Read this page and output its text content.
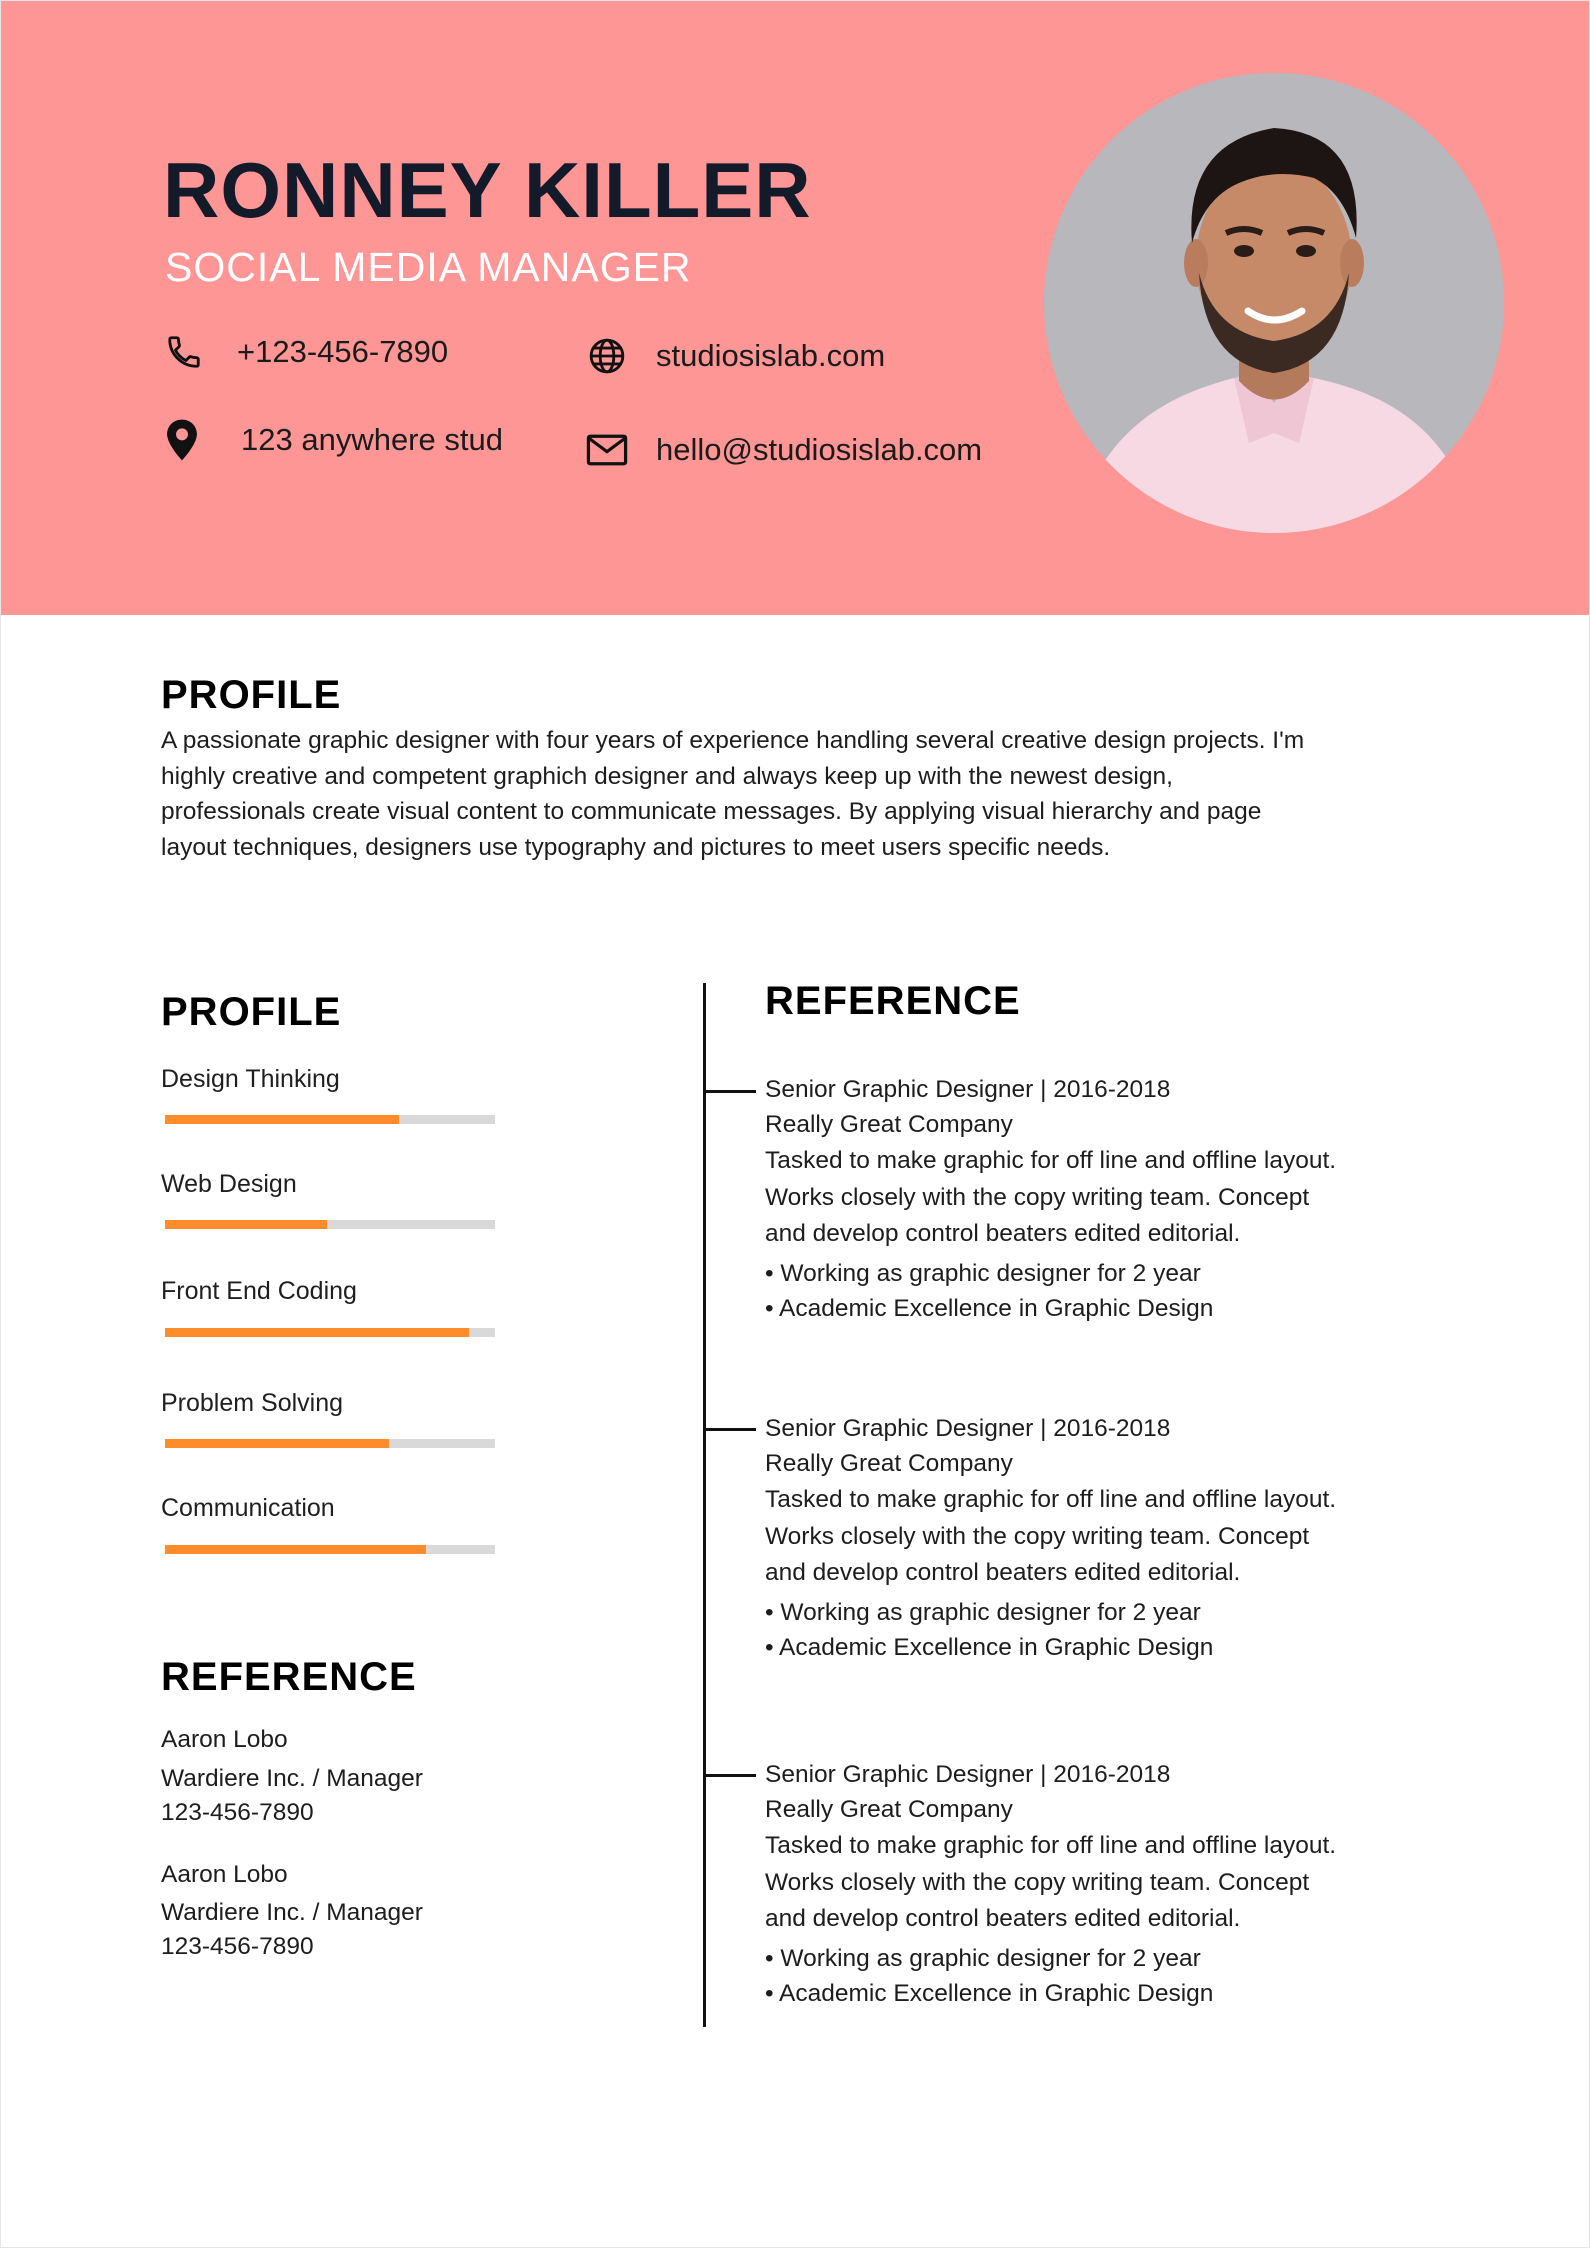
RONNEY KILLER
SOCIAL MEDIA MANAGER
+123-456-7890
123 anywhere stud
studiosislab.com
hello@studiosislab.com
PROFILE
A passionate graphic designer with four years of experience handling several creative design projects. I'm
highly creative and competent graphich designer and always keep up with the newest design,
professionals create visual content to communicate messages. By applying visual hierarchy and page
layout techniques, designers use typography and pictures to meet users specific needs.
PROFILE
Design Thinking
Web Design
Front End Coding
Problem Solving
Communication
REFERENCE
Aaron Lobo
Wardiere Inc. / Manager
123-456-7890
Aaron Lobo
Wardiere Inc. / Manager
123-456-7890
REFERENCE
Senior Graphic Designer | 2016-2018
Really Great Company
Tasked to make graphic for off line and offline layout.
Works closely with the copy writing team. Concept
and develop control beaters edited editorial.
• Working as graphic designer for 2 year
• Academic Excellence in Graphic Design
Senior Graphic Designer | 2016-2018
Really Great Company
Tasked to make graphic for off line and offline layout.
Works closely with the copy writing team. Concept
and develop control beaters edited editorial.
• Working as graphic designer for 2 year
• Academic Excellence in Graphic Design
Senior Graphic Designer | 2016-2018
Really Great Company
Tasked to make graphic for off line and offline layout.
Works closely with the copy writing team. Concept
and develop control beaters edited editorial.
• Working as graphic designer for 2 year
• Academic Excellence in Graphic Design
